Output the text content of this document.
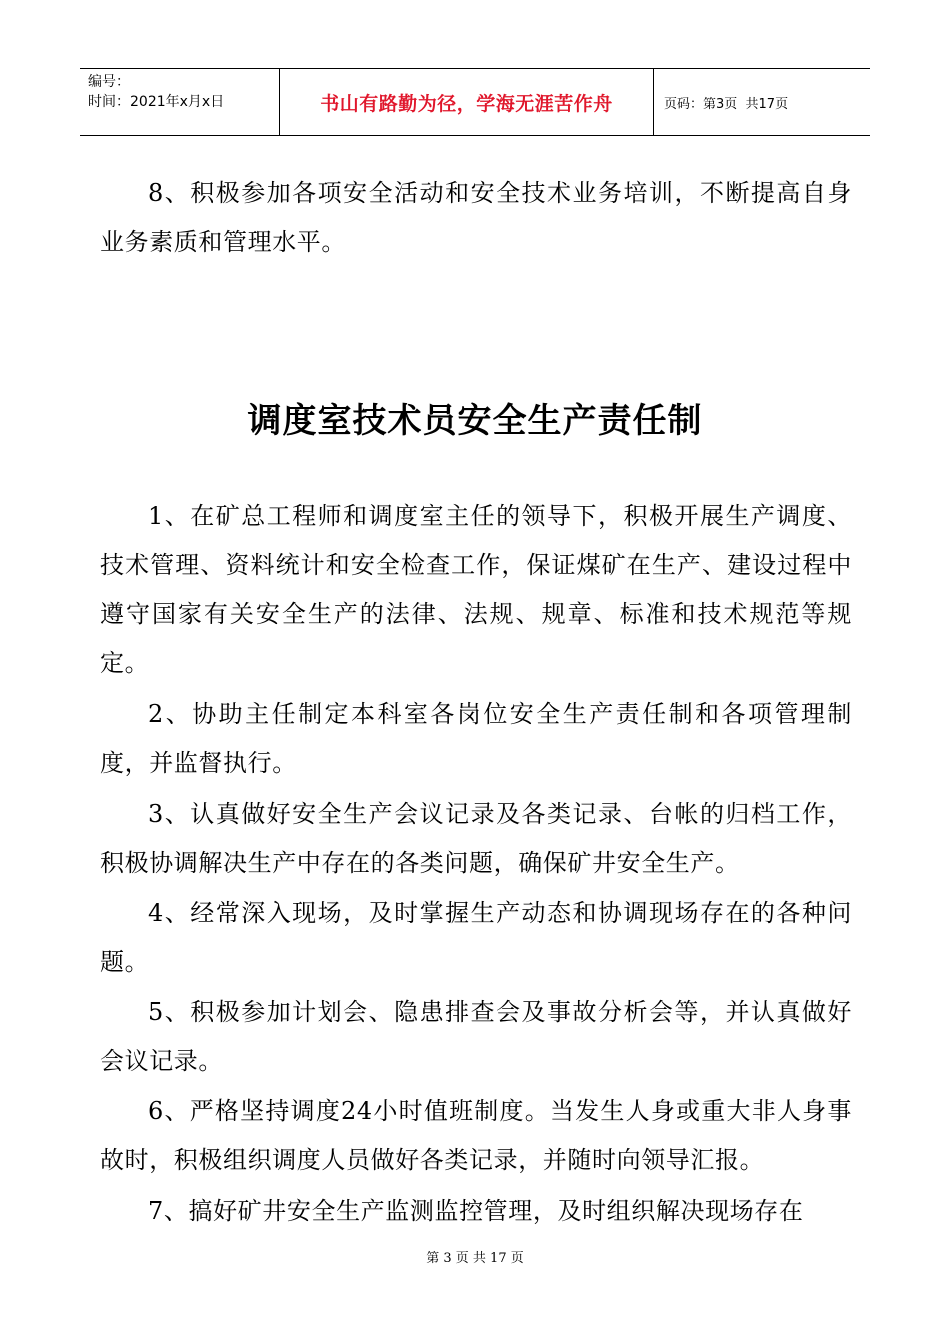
编号：
时间：2021年x月x日	书山有路勤为径，学海无涯苦作舟	页码：第3页  共17页

8、积极参加各项安全活动和安全技术业务培训，不断提高自身业务素质和管理水平。

调度室技术员安全生产责任制

1、在矿总工程师和调度室主任的领导下，积极开展生产调度、技术管理、资料统计和安全检查工作，保证煤矿在生产、建设过程中遵守国家有关安全生产的法律、法规、规章、标准和技术规范等规定。

2、协助主任制定本科室各岗位安全生产责任制和各项管理制度，并监督执行。

3、认真做好安全生产会议记录及各类记录、台帐的归档工作，积极协调解决生产中存在的各类问题，确保矿井安全生产。

4、经常深入现场，及时掌握生产动态和协调现场存在的各种问题。

5、积极参加计划会、隐患排查会及事故分析会等，并认真做好会议记录。

6、严格坚持调度24小时值班制度。当发生人身或重大非人身事故时，积极组织调度人员做好各类记录，并随时向领导汇报。

7、搞好矿井安全生产监测监控管理，及时组织解决现场存在

第 3 页 共 17 页
